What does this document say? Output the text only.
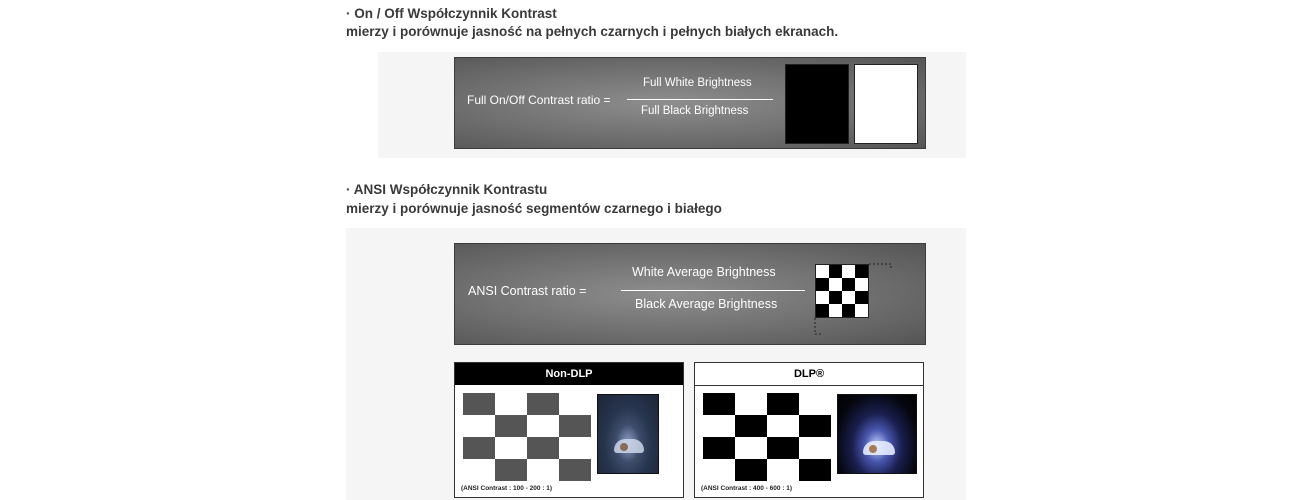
· On / Off Współczynnik Kontrast
mierzy i porównuje jasność na pełnych czarnych i pełnych białych ekranach.
Full On/Off Contrast ratio =
Full White Brightness
Full Black Brightness
· ANSI Współczynnik Kontrastu
mierzy i porównuje jasność segmentów czarnego i białego
ANSI Contrast ratio =
White Average Brightness
Black Average Brightness
Non-DLP
(ANSI Contrast : 100 - 200 : 1)
DLP®
(ANSI Contrast : 400 - 600 : 1)
